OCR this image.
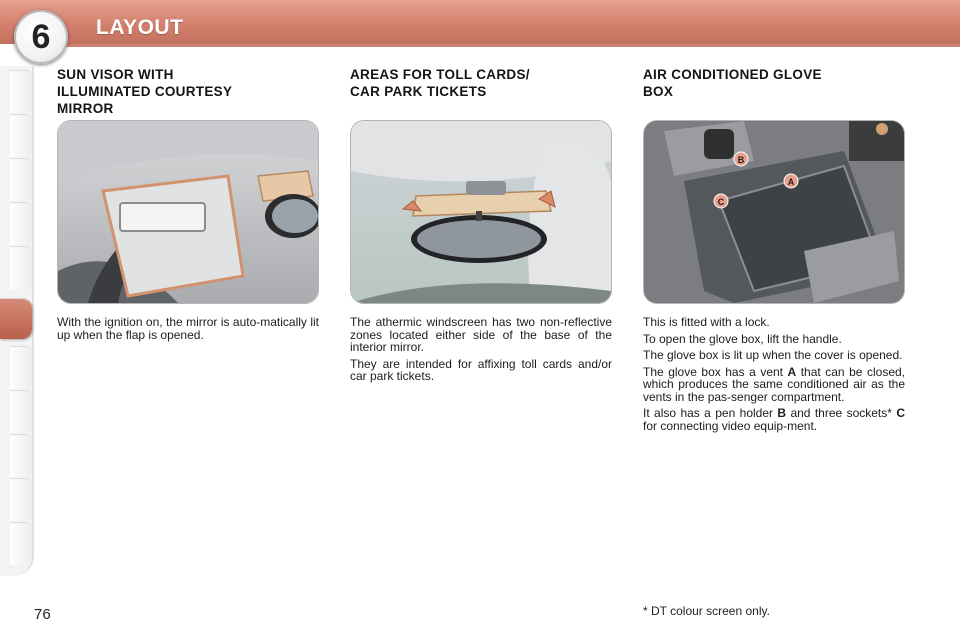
6	LAYOUT
SUN VISOR WITH
ILLUMINATED COURTESY
MIRROR

With the ignition on, the mirror is auto-matically lit up when the flap is opened.

AREAS FOR TOLL CARDS/
CAR PARK TICKETS

The athermic windscreen has two non-reflective zones located either side of the base of the interior mirror.

They are intended for affixing toll cards and/or car park tickets.

AIR CONDITIONED GLOVE
BOX
B
A
C

This is fitted with a lock.

To open the glove box, lift the handle.

The glove box is lit up when the cover is opened.

The glove box has a vent A that can be closed, which produces the same conditioned air as the vents in the pas-senger compartment.

It also has a pen holder B and three sockets* C for connecting video equip-ment.

76	* DT colour screen only.
